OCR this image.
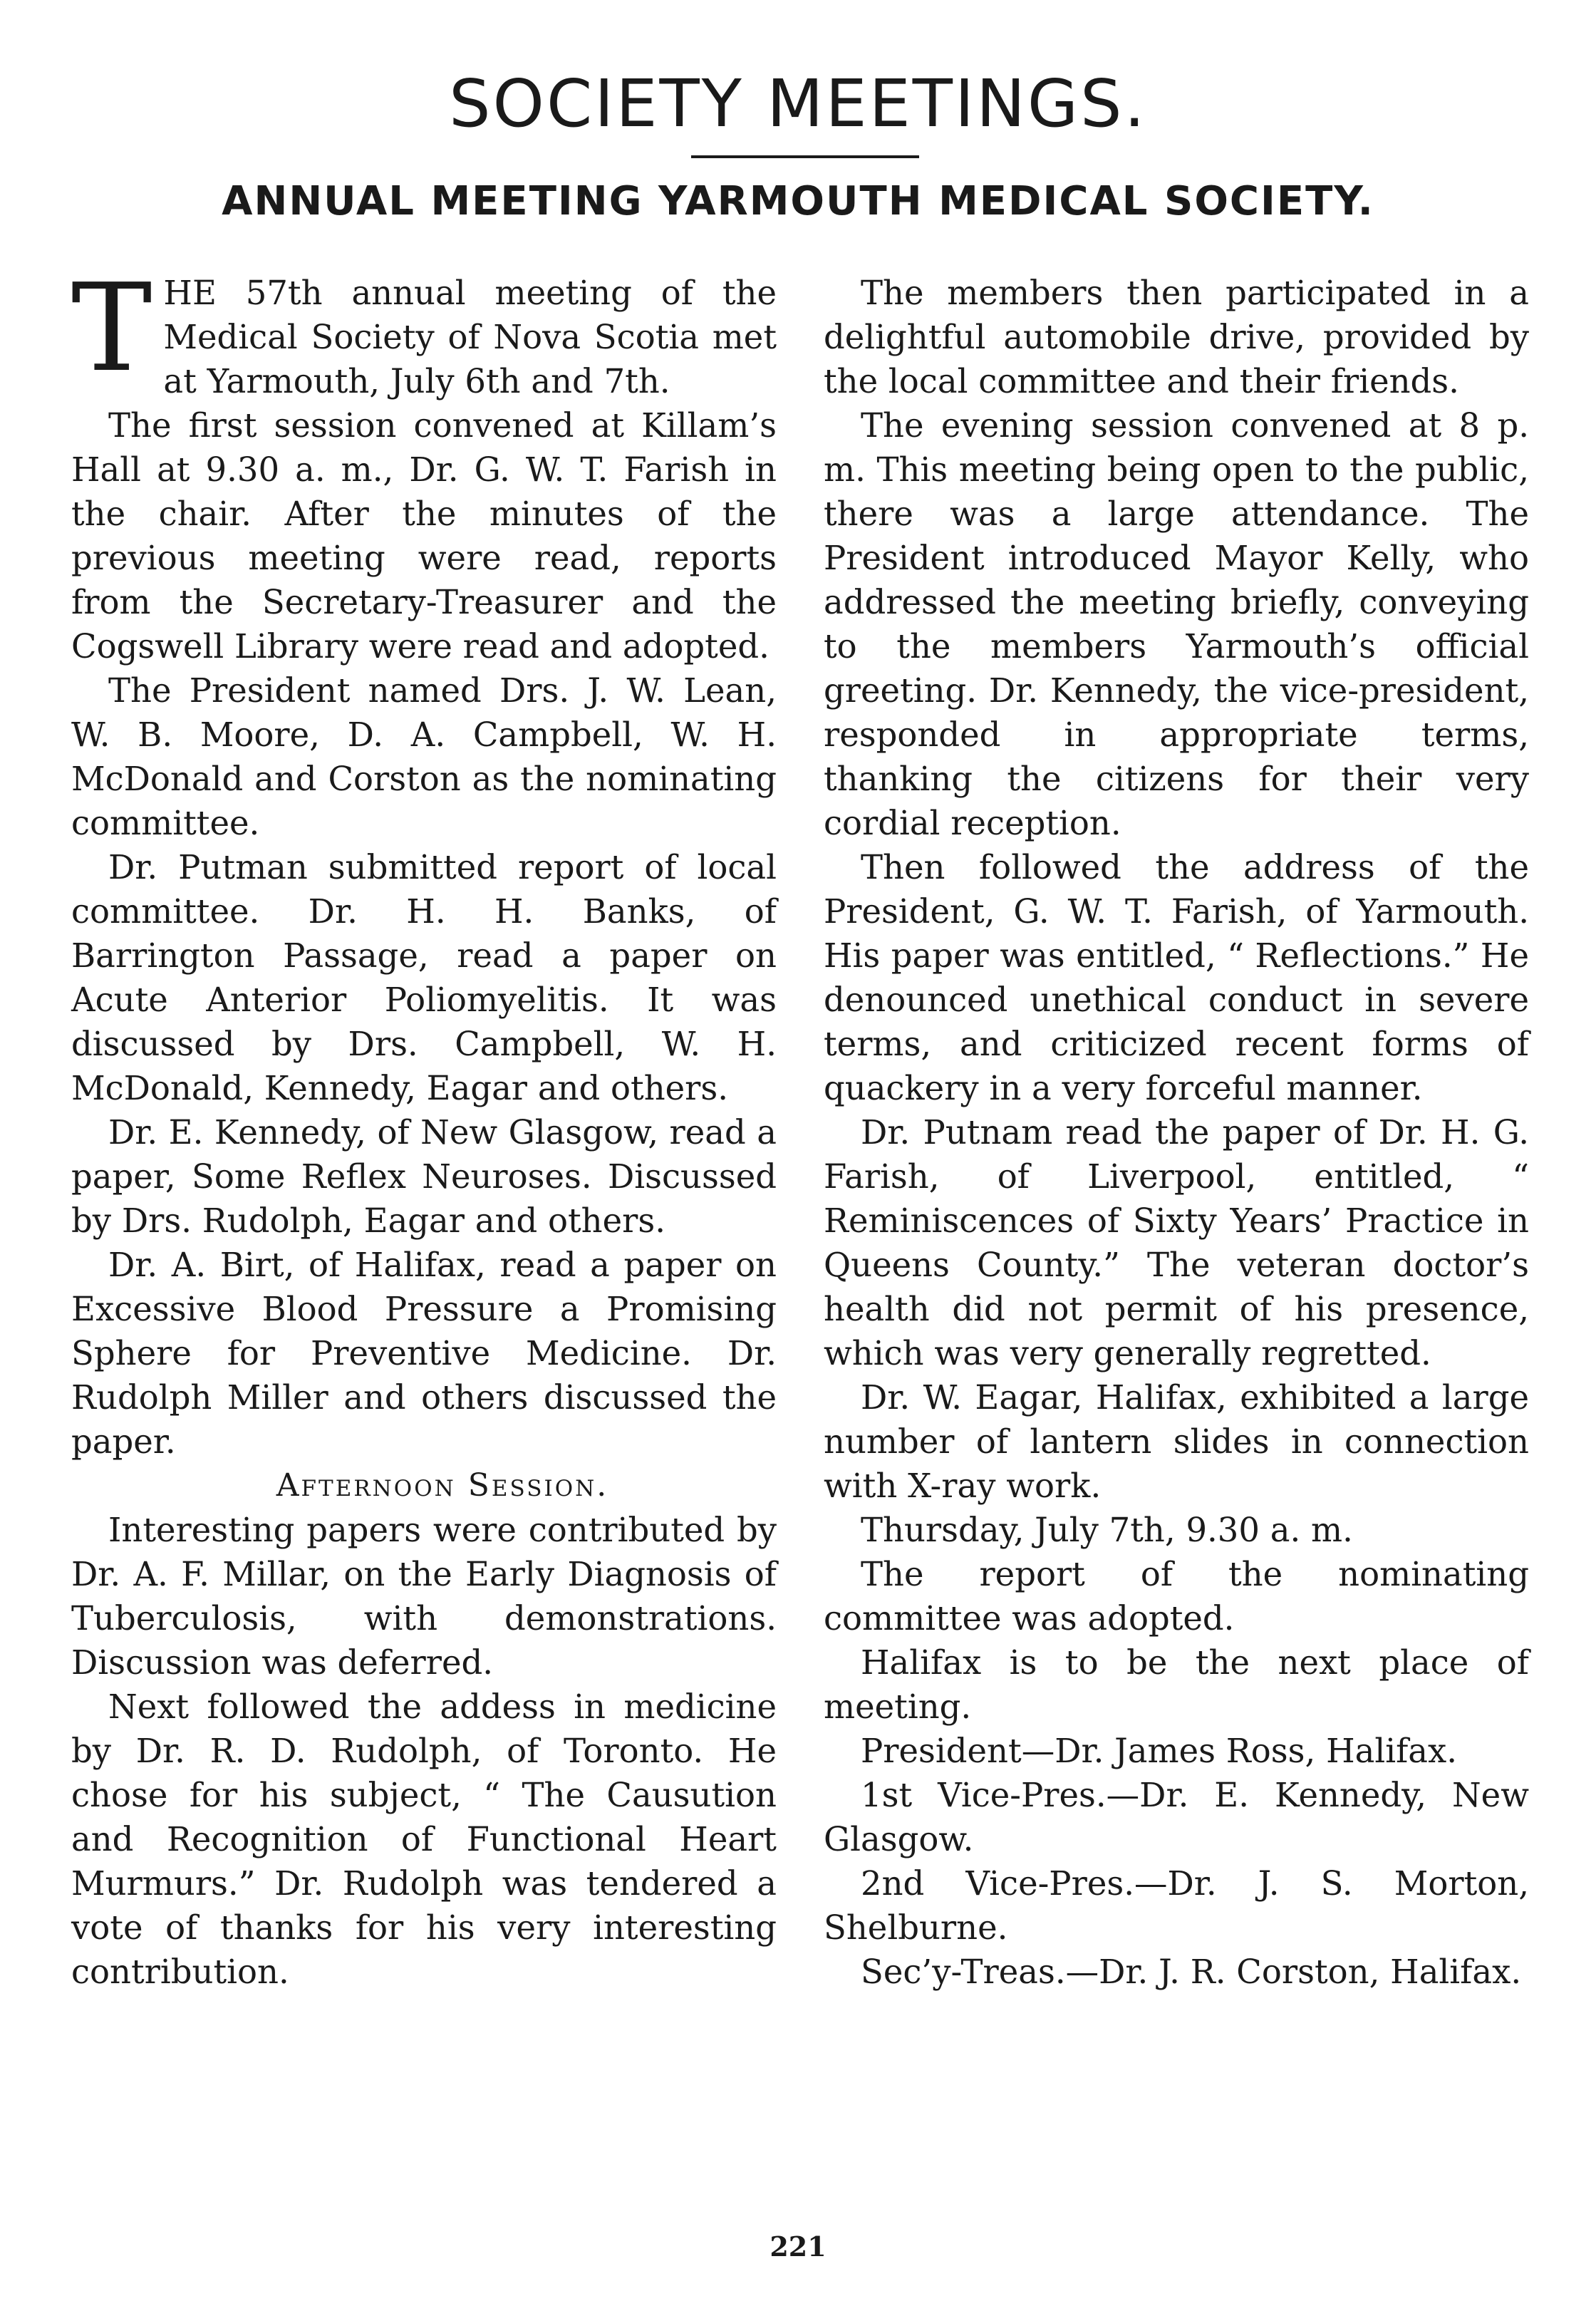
SOCIETY MEETINGS.
ANNUAL MEETING YARMOUTH MEDICAL SOCIETY.

THE 57th annual meeting of the Medical Society of Nova Scotia met at Yarmouth, July 6th and 7th.

The first session convened at Killam’s Hall at 9.30 a. m., Dr. G. W. T. Farish in the chair. After the minutes of the previous meeting were read, reports from the Secretary-Treasurer and the Cogswell Library were read and adopted.

The President named Drs. J. W. Lean, W. B. Moore, D. A. Campbell, W. H. McDonald and Corston as the nominating committee.

Dr. Putman submitted report of local committee. Dr. H. H. Banks, of Barrington Passage, read a paper on Acute Anterior Poliomyelitis. It was discussed by Drs. Campbell, W. H. McDonald, Kennedy, Eagar and others.

Dr. E. Kennedy, of New Glasgow, read a paper, Some Reflex Neuroses. Discussed by Drs. Rudolph, Eagar and others.

Dr. A. Birt, of Halifax, read a paper on Excessive Blood Pressure a Promising Sphere for Preventive Medicine. Dr. Rudolph Miller and others discussed the paper.

Afternoon Session.

Interesting papers were contributed by Dr. A. F. Millar, on the Early Diagnosis of Tuberculosis, with demonstrations. Discussion was deferred.

Next followed the addess in medicine by Dr. R. D. Rudolph, of Toronto. He chose for his subject, “ The Causution and Recognition of Functional Heart Murmurs.” Dr. Rudolph was tendered a vote of thanks for his very interesting contribution.

The members then participated in a delightful automobile drive, provided by the local committee and their friends.

The evening session convened at 8 p. m. This meeting being open to the public, there was a large attendance. The President introduced Mayor Kelly, who addressed the meeting briefly, conveying to the members Yarmouth’s official greeting. Dr. Kennedy, the vice-president, responded in appropriate terms, thanking the citizens for their very cordial reception.

Then followed the address of the President, G. W. T. Farish, of Yarmouth. His paper was entitled, “ Reflections.” He denounced unethical conduct in severe terms, and criticized recent forms of quackery in a very forceful manner.

Dr. Putnam read the paper of Dr. H. G. Farish, of Liverpool, entitled, “ Reminiscences of Sixty Years’ Practice in Queens County.” The veteran doctor’s health did not permit of his presence, which was very generally regretted.

Dr. W. Eagar, Halifax, exhibited a large number of lantern slides in connection with X-ray work.

Thursday, July 7th, 9.30 a. m.

The report of the nominating committee was adopted.

Halifax is to be the next place of meeting.

President—Dr. James Ross, Halifax.

1st Vice-Pres.—Dr. E. Kennedy, New Glasgow.

2nd Vice-Pres.—Dr. J. S. Morton, Shelburne.

Sec’y-Treas.—Dr. J. R. Corston, Halifax.

221
